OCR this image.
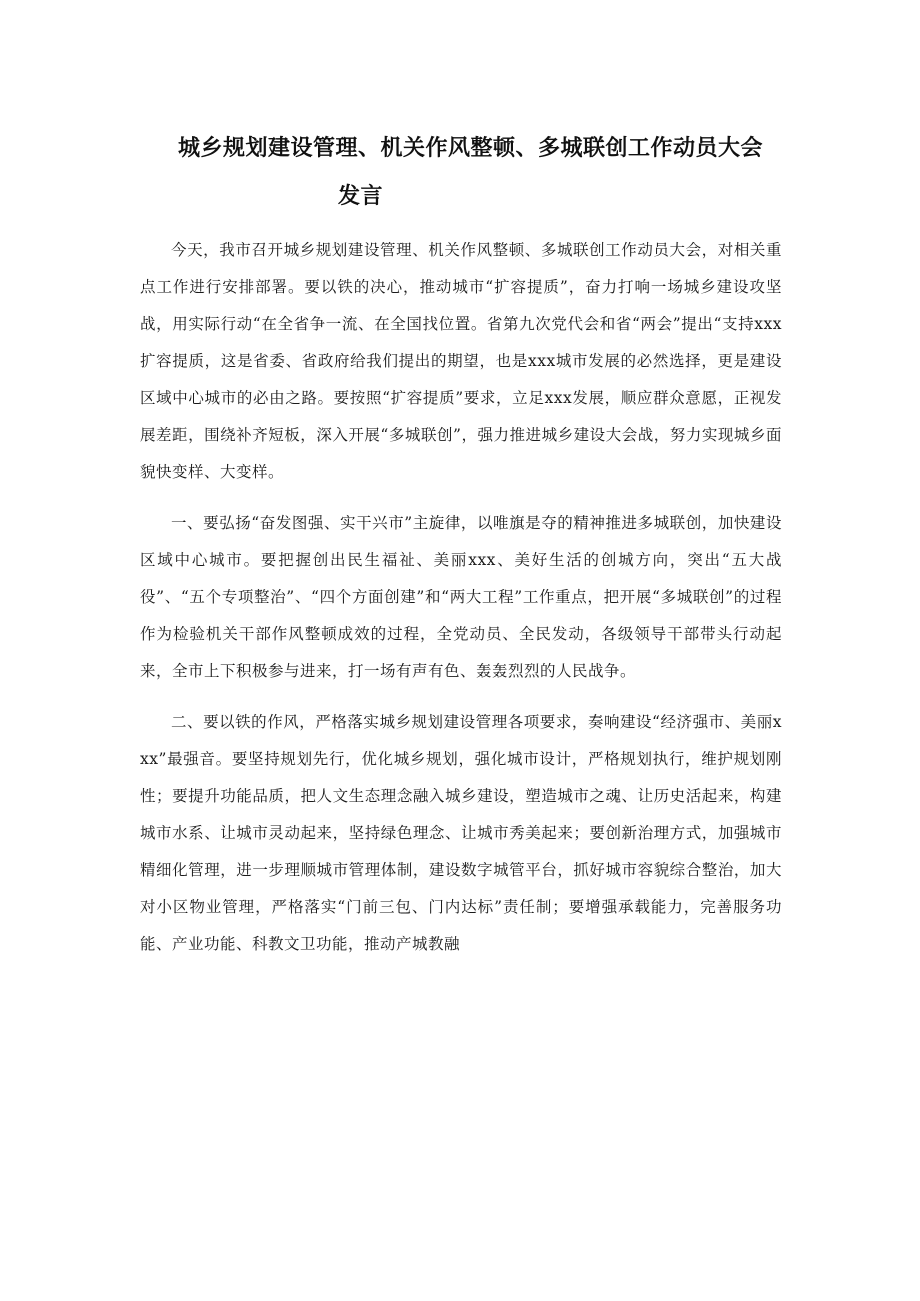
城乡规划建设管理、机关作风整顿、多城联创工作动员大会
发言

今天，我市召开城乡规划建设管理、机关作风整顿、多城联创工作动员大会，对相关重点工作进行安排部署。要以铁的决心，推动城市“扩容提质”，奋力打响一场城乡建设攻坚战，用实际行动“在全省争一流、在全国找位置。省第九次党代会和省“两会”提出“支持xxx扩容提质，这是省委、省政府给我们提出的期望，也是xxx城市发展的必然选择，更是建设区域中心城市的必由之路。要按照“扩容提质”要求，立足xxx发展，顺应群众意愿，正视发展差距，围绕补齐短板，深入开展“多城联创”，强力推进城乡建设大会战，努力实现城乡面貌快变样、大变样。

一、要弘扬“奋发图强、实干兴市”主旋律，以唯旗是夺的精神推进多城联创，加快建设区域中心城市。要把握创出民生福祉、美丽xxx、美好生活的创城方向，突出“五大战役”、“五个专项整治”、“四个方面创建”和“两大工程”工作重点，把开展“多城联创”的过程作为检验机关干部作风整顿成效的过程，全党动员、全民发动，各级领导干部带头行动起来，全市上下积极参与进来，打一场有声有色、轰轰烈烈的人民战争。

二、要以铁的作风，严格落实城乡规划建设管理各项要求，奏响建设“经济强市、美丽xxx”最强音。要坚持规划先行，优化城乡规划，强化城市设计，严格规划执行，维护规划刚性；要提升功能品质，把人文生态理念融入城乡建设，塑造城市之魂、让历史活起来，构建城市水系、让城市灵动起来，坚持绿色理念、让城市秀美起来；要创新治理方式，加强城市精细化管理，进一步理顺城市管理体制，建设数字城管平台，抓好城市容貌综合整治，加大对小区物业管理，严格落实“门前三包、门内达标”责任制；要增强承载能力，完善服务功能、产业功能、科教文卫功能，推动产城教融
